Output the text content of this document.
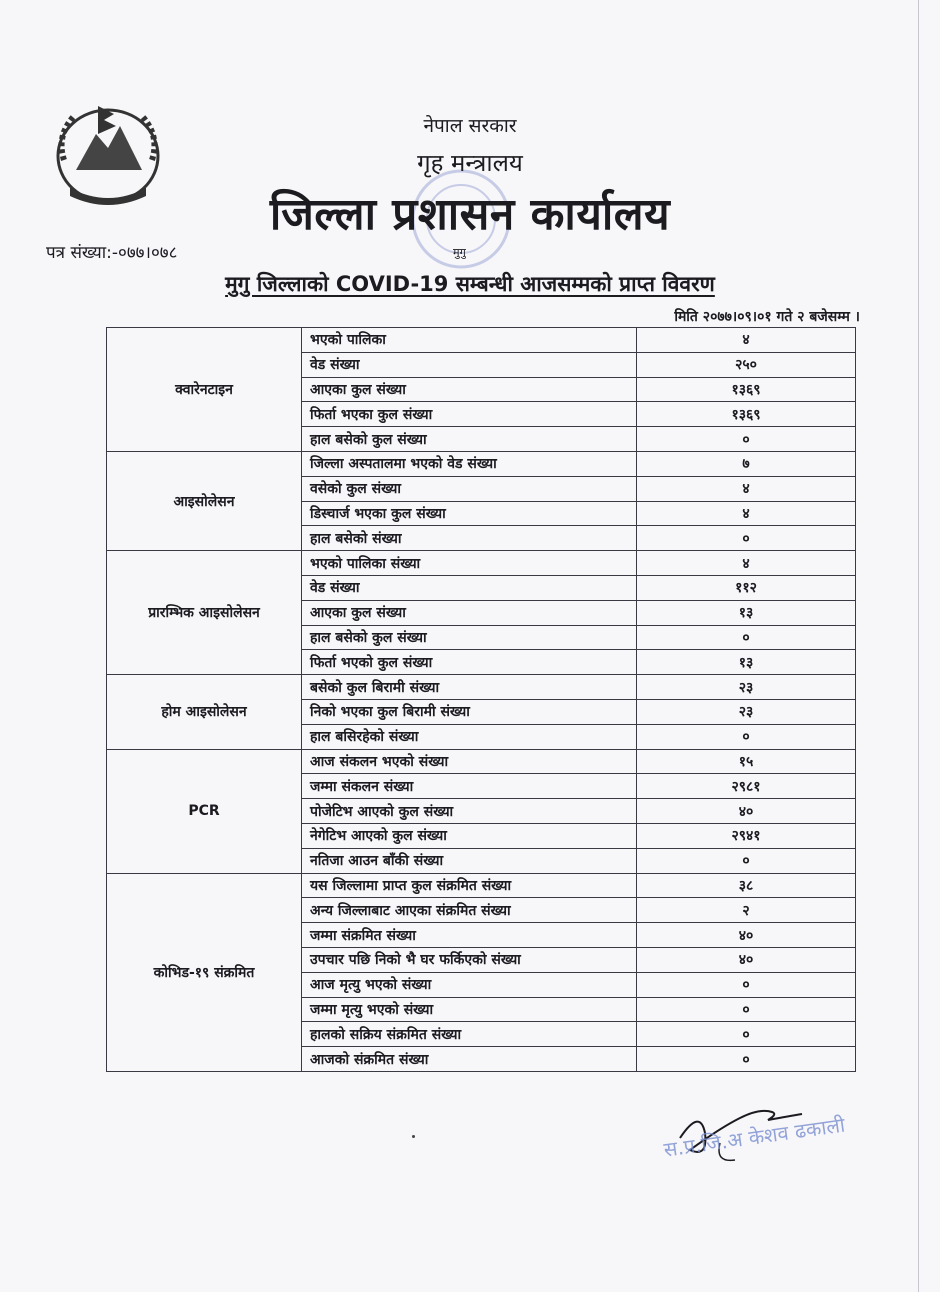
नेपाल सरकार
गृह मन्त्रालय
जिल्ला प्रशासन कार्यालय
मुगु
पत्र संख्या:-०७७।०७८
मुगु जिल्लाको COVID-19 सम्बन्धी आजसम्मको प्राप्त विवरण
मिति २०७७।०९।०१ गते २ बजेसम्म ।
क्वारेनटाइन	भएको पालिका	४
	वेड संख्या	२५०
	आएका कुल संख्या	१३६९
	फिर्ता भएका कुल संख्या	१३६९
	हाल बसेको कुल संख्या	०
आइसोलेसन	जिल्ला अस्पतालमा भएको वेड संख्या	७
	वसेको कुल संख्या	४
	डिस्चार्ज भएका कुल संख्या	४
	हाल बसेको संख्या	०
प्रारम्भिक आइसोलेसन	भएको पालिका संख्या	४
	वेड संख्या	११२
	आएका कुल संख्या	१३
	हाल बसेको कुल संख्या	०
	फिर्ता भएको कुल संख्या	१३
होम आइसोलेसन	बसेको कुल बिरामी संख्या	२३
	निको भएका कुल बिरामी संख्या	२३
	हाल बसिरहेको संख्या	०
PCR	आज संकलन भएको संख्या	१५
	जम्मा संकलन संख्या	२९८१
	पोजेटिभ आएको कुल संख्या	४०
	नेगेटिभ आएको कुल संख्या	२९४१
	नतिजा आउन बाँकी संख्या	०
कोभिड-१९ संक्रमित	यस जिल्लामा प्राप्त कुल संक्रमित संख्या	३८
	अन्य जिल्लाबाट आएका संक्रमित संख्या	२
	जम्मा संक्रमित संख्या	४०
	उपचार पछि निको भै घर फर्किएको संख्या	४०
	आज मृत्यु भएको संख्या	०
	जम्मा मृत्यु भएको संख्या	०
	हालको सक्रिय संक्रमित संख्या	०
	आजको संक्रमित संख्या	०
स.प्र.जि.अ केशव ढकाली
